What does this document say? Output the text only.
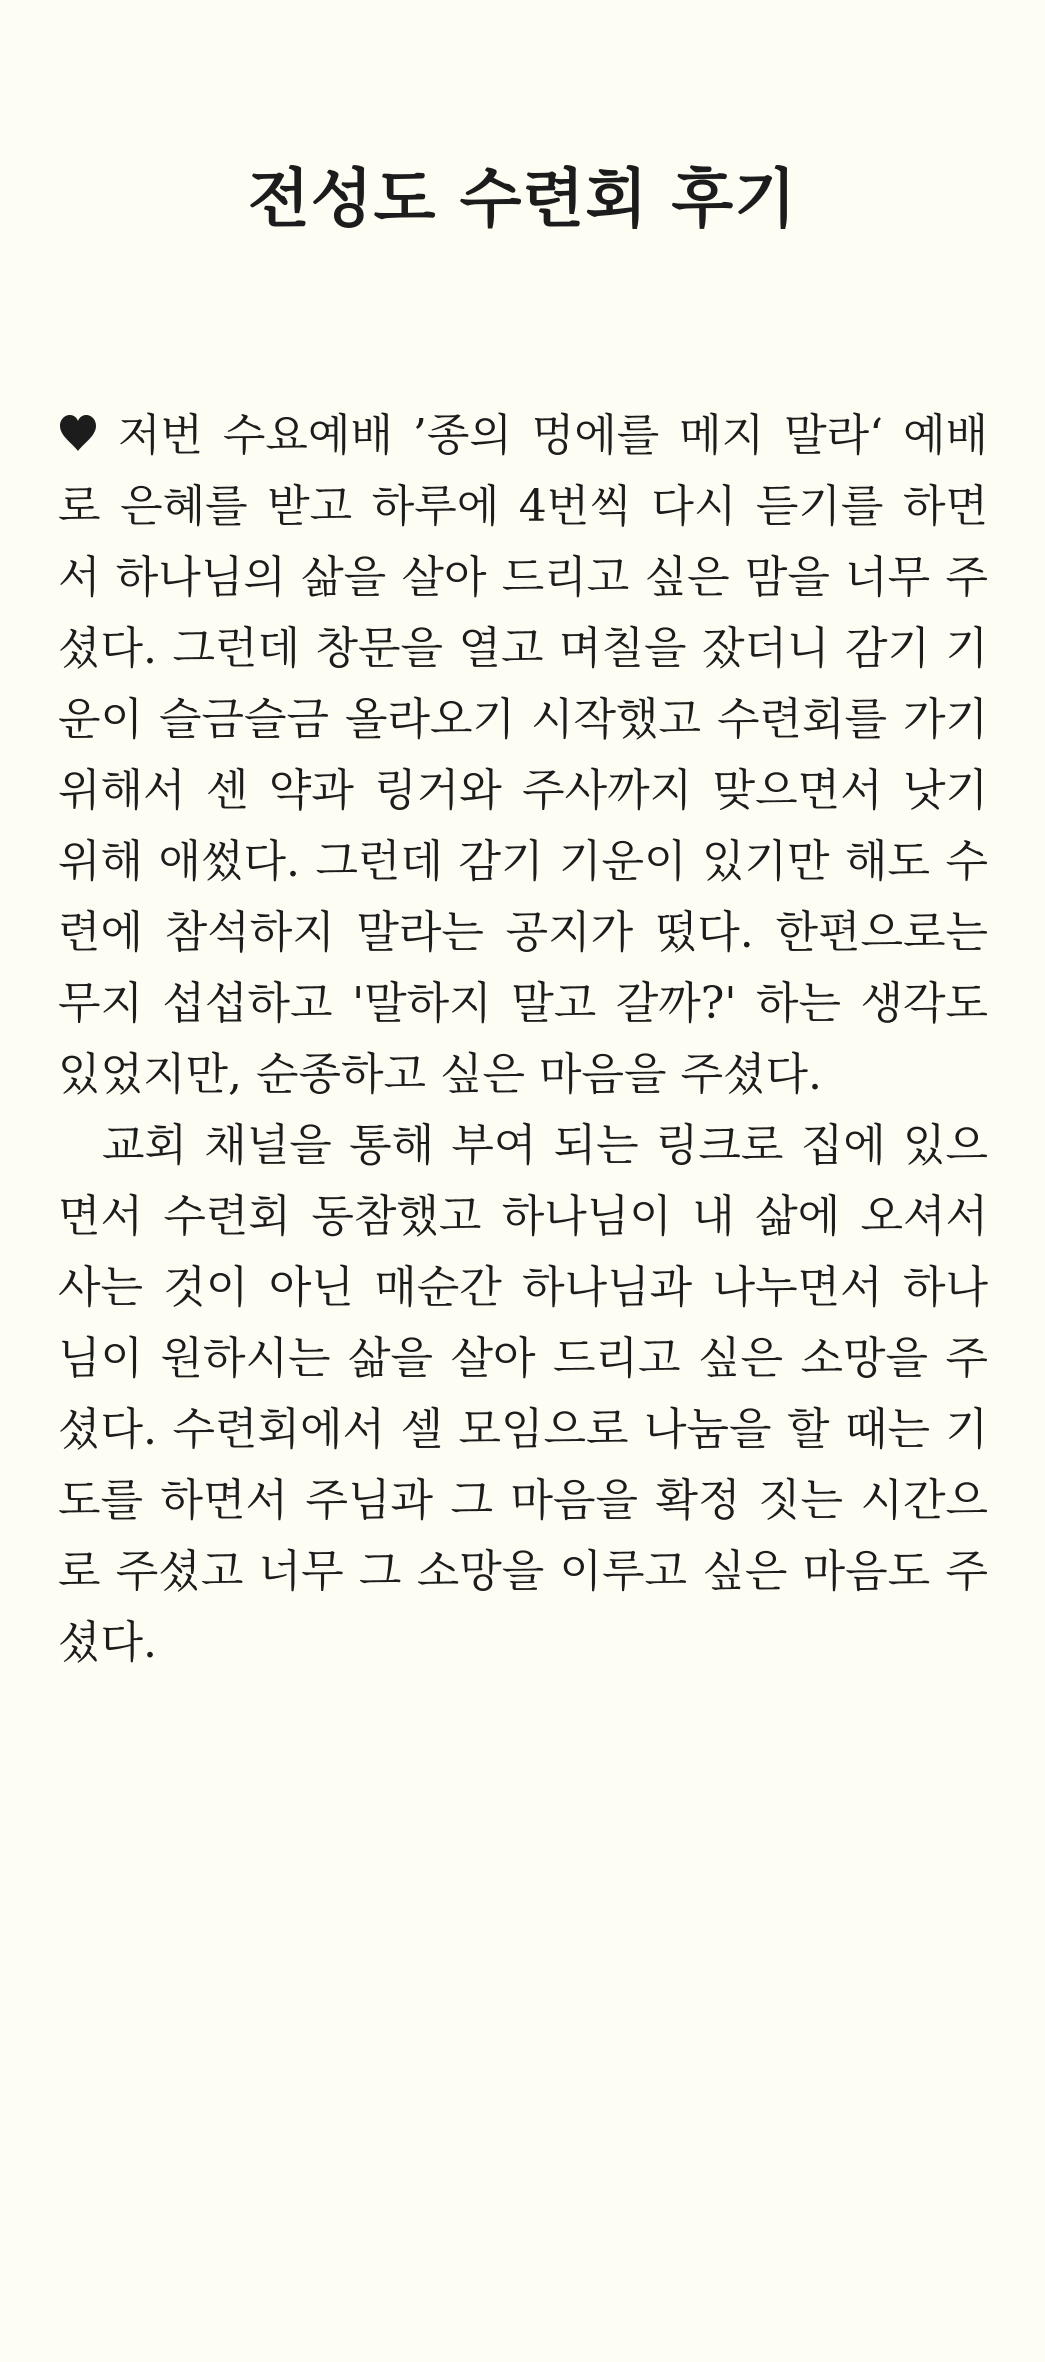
전성도 수련회 후기

저번 수요예배 ’종의 멍에를 메지 말라‘ 예배로 은혜를 받고 하루에 4번씩 다시 듣기를 하면서 하나님의 삶을 살아 드리고 싶은 맘을 너무 주셨다. 그런데 창문을 열고 며칠을 잤더니 감기 기운이 슬금슬금 올라오기 시작했고 수련회를 가기 위해서 센 약과 링거와 주사까지 맞으면서 낫기 위해 애썼다. 그런데 감기 기운이 있기만 해도 수련에 참석하지 말라는 공지가 떴다. 한편으로는 무지 섭섭하고 '말하지 말고 갈까?' 하는 생각도 있었지만, 순종하고 싶은 마음을 주셨다.

교회 채널을 통해 부여 되는 링크로 집에 있으면서 수련회 동참했고 하나님이 내 삶에 오셔서 사는 것이 아닌 매순간 하나님과 나누면서 하나님이 원하시는 삶을 살아 드리고 싶은 소망을 주셨다. 수련회에서 셀 모임으로 나눔을 할 때는 기도를 하면서 주님과 그 마음을 확정 짓는 시간으로 주셨고 너무 그 소망을 이루고 싶은 마음도 주셨다.
